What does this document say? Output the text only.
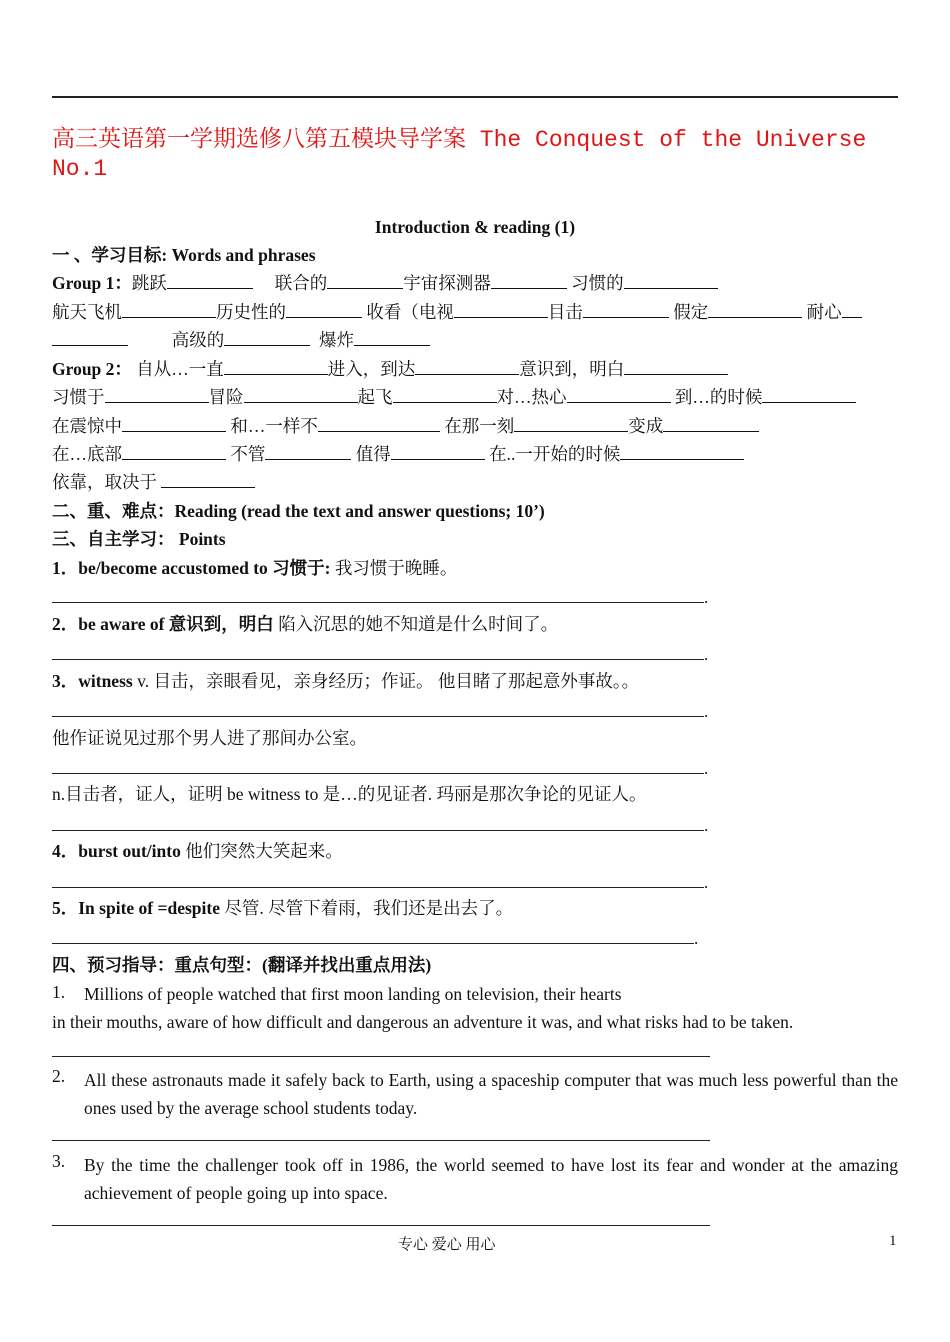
高三英语第一学期选修八第五模块导学案 The Conquest of the Universe No.1
Introduction & reading (1)
一 、学习目标: Words and phrases
Group 1：跳跃	联合的	宇宙探测器	习惯的
航天飞机	历史性的	收看（电视	目击	假定	耐心
高级的	爆炸
Group 2： 自从…一直	进入，到达	意识到，明白
习惯于	冒险	起飞	对…热心	到…的时候
在震惊中	和…一样不	在那一刻	变成
在…底部	不管	值得	在..一开始的时候
依靠，取决于
二、重、难点：Reading (read the text and answer questions; 10’)
三、自主学习： Points
1．be/become accustomed to 习惯于: 我习惯于晚睡。
.
2．be aware of 意识到，明白 陷入沉思的她不知道是什么时间了。
.
3．witness v. 目击，亲眼看见，亲身经历；作证。 他目睹了那起意外事故。。
.
他作证说见过那个男人进了那间办公室。
.
n.目击者，证人，证明 be witness to 是…的见证者. 玛丽是那次争论的见证人。
.
4．burst out/into 他们突然大笑起来。
.
5．In spite of =despite 尽管. 尽管下着雨，我们还是出去了。
.
四、预习指导：重点句型：(翻译并找出重点用法)
1. Millions of people watched that first moon landing on television, their hearts
in their mouths, aware of how difficult and dangerous an adventure it was, and what risks had to be taken.
2. All these astronauts made it safely back to Earth, using a spaceship computer that was much less powerful than the ones used by the average school students today.
3. By the time the challenger took off in 1986, the world seemed to have lost its fear and wonder at the amazing achievement of people going up into space.
专心 爱心 用心	1
